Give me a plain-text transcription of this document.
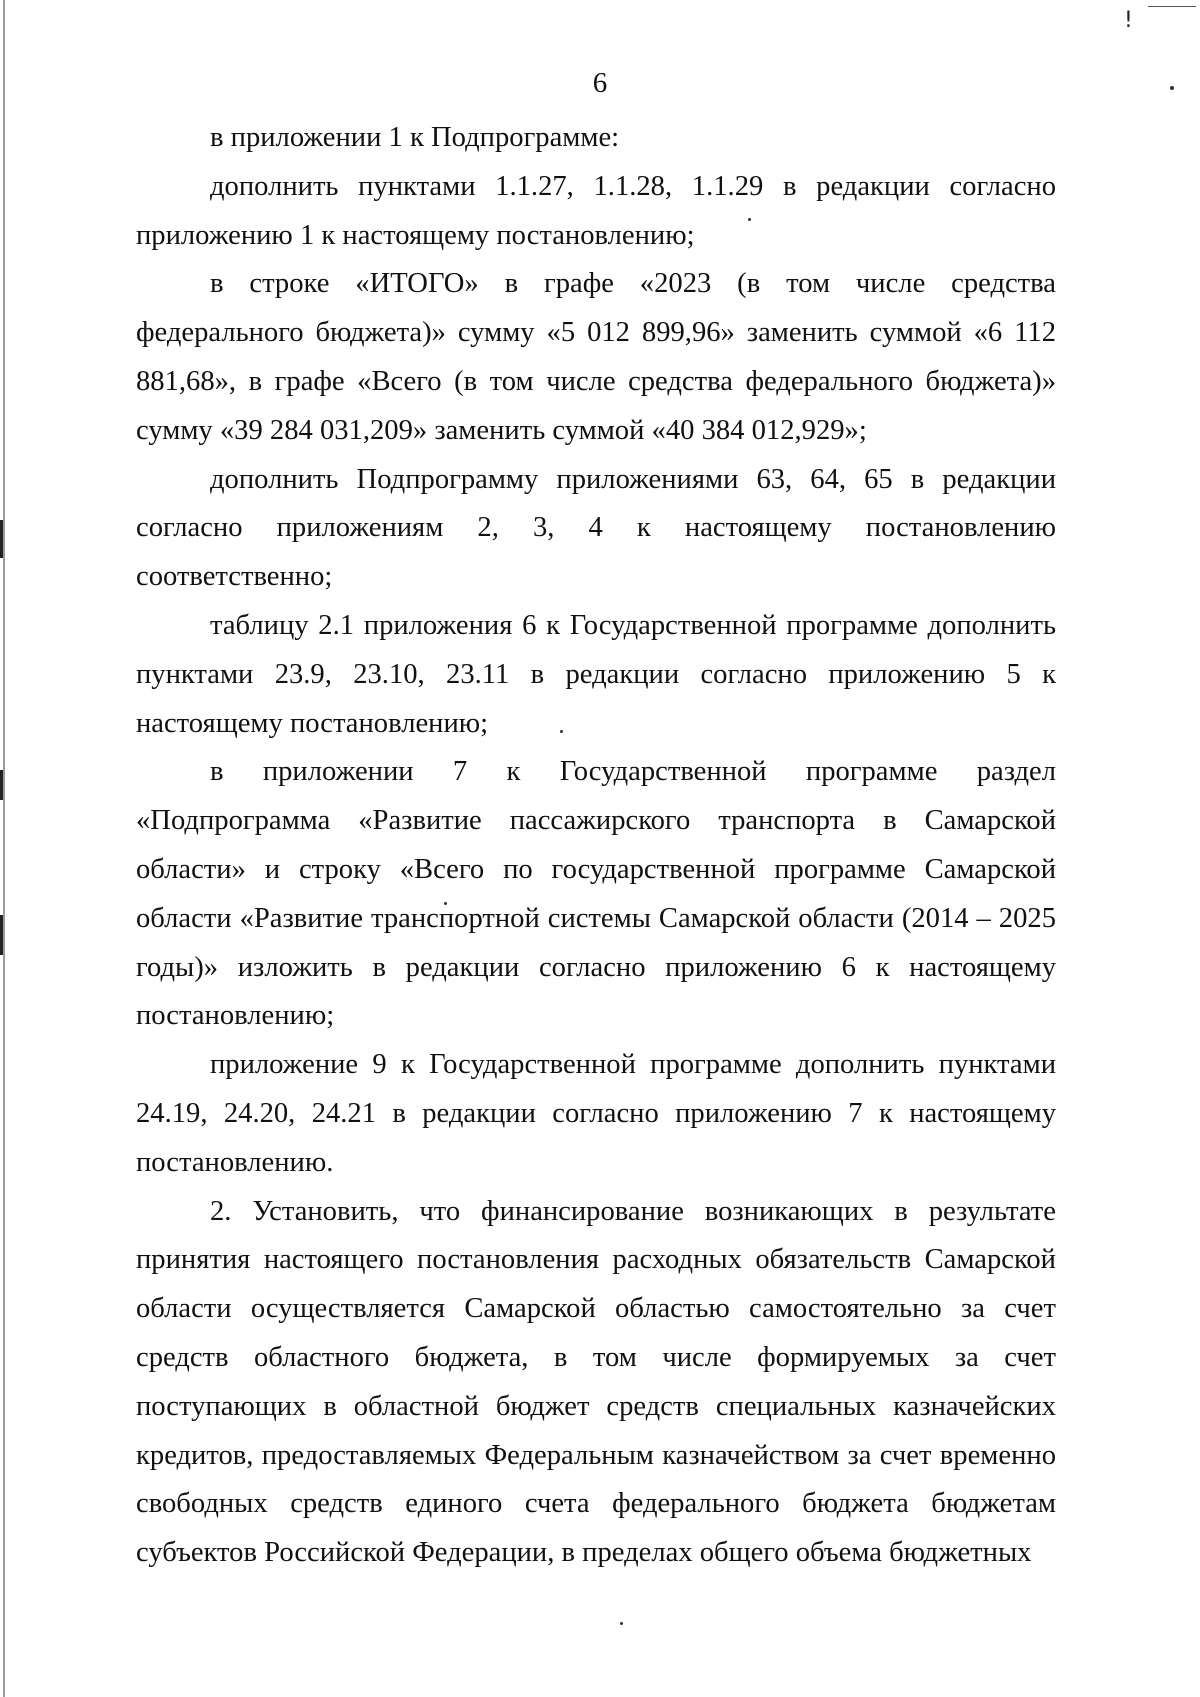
!
6

в приложении 1 к Подпрограмме:

дополнить пунктами 1.1.27, 1.1.28, 1.1.29 в редакции согласно приложению 1 к настоящему постановлению;

в строке «ИТОГО» в графе «2023 (в том числе средства федерального бюджета)» сумму «5 012 899,96» заменить суммой «6 112 881,68», в графе «Всего (в том числе средства федерального бюджета)» сумму «39 284 031,209» заменить суммой «40 384 012,929»;

дополнить Подпрограмму приложениями 63, 64, 65 в редакции согласно приложениям 2, 3, 4 к настоящему постановлению соответственно;

таблицу 2.1 приложения 6 к Государственной программе дополнить пунктами 23.9, 23.10, 23.11 в редакции согласно приложению 5 к настоящему постановлению;

в приложении 7 к Государственной программе раздел «Подпрограмма «Развитие пассажирского транспорта в Самарской области» и строку «Всего по государственной программе Самарской области «Развитие транспортной системы Самарской области (2014 – 2025 годы)» изложить в редакции согласно приложению 6 к настоящему постановлению;

приложение 9 к Государственной программе дополнить пунктами 24.19, 24.20, 24.21 в редакции согласно приложению 7 к настоящему постановлению.

2. Установить, что финансирование возникающих в результате принятия настоящего постановления расходных обязательств Самарской области осуществляется Самарской областью самостоятельно за счет средств областного бюджета, в том числе формируемых за счет поступающих в областной бюджет средств специальных казначейских кредитов, предоставляемых Федеральным казначейством за счет временно свободных средств единого счета федерального бюджета бюджетам субъектов Российской Федерации, в пределах общего объема бюджетных
